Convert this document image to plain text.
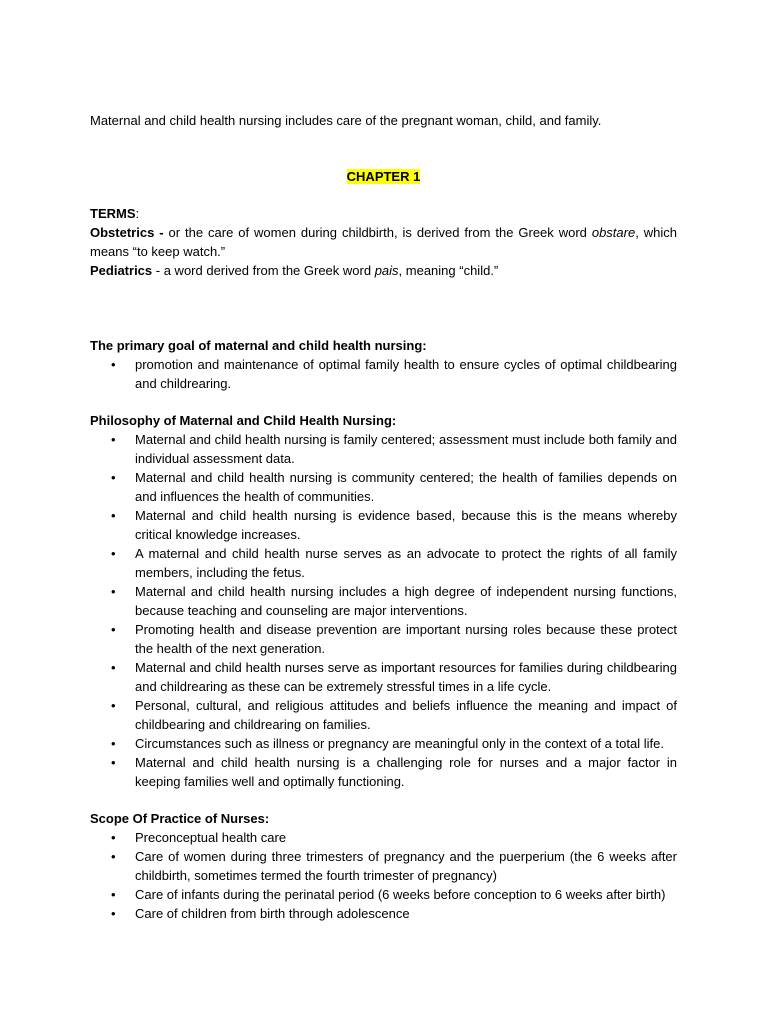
Maternal and child health nursing includes care of the pregnant woman, child, and family.

CHAPTER 1

TERMS:

Obstetrics - or the care of women during childbirth, is derived from the Greek word obstare, which means “to keep watch.”

Pediatrics - a word derived from the Greek word pais, meaning “child.”

The primary goal of maternal and child health nursing:

• promotion and maintenance of optimal family health to ensure cycles of optimal childbearing and childrearing.

Philosophy of Maternal and Child Health Nursing:

• Maternal and child health nursing is family centered; assessment must include both family and individual assessment data.
• Maternal and child health nursing is community centered; the health of families depends on and influences the health of communities.
• Maternal and child health nursing is evidence based, because this is the means whereby critical knowledge increases.
• A maternal and child health nurse serves as an advocate to protect the rights of all family members, including the fetus.
• Maternal and child health nursing includes a high degree of independent nursing functions, because teaching and counseling are major interventions.
• Promoting health and disease prevention are important nursing roles because these protect the health of the next generation.
• Maternal and child health nurses serve as important resources for families during childbearing and childrearing as these can be extremely stressful times in a life cycle.
• Personal, cultural, and religious attitudes and beliefs influence the meaning and impact of childbearing and childrearing on families.
• Circumstances such as illness or pregnancy are meaningful only in the context of a total life.
• Maternal and child health nursing is a challenging role for nurses and a major factor in keeping families well and optimally functioning.

Scope Of Practice of Nurses:

• Preconceptual health care
• Care of women during three trimesters of pregnancy and the puerperium (the 6 weeks after childbirth, sometimes termed the fourth trimester of pregnancy)
• Care of infants during the perinatal period (6 weeks before conception to 6 weeks after birth)
• Care of children from birth through adolescence
